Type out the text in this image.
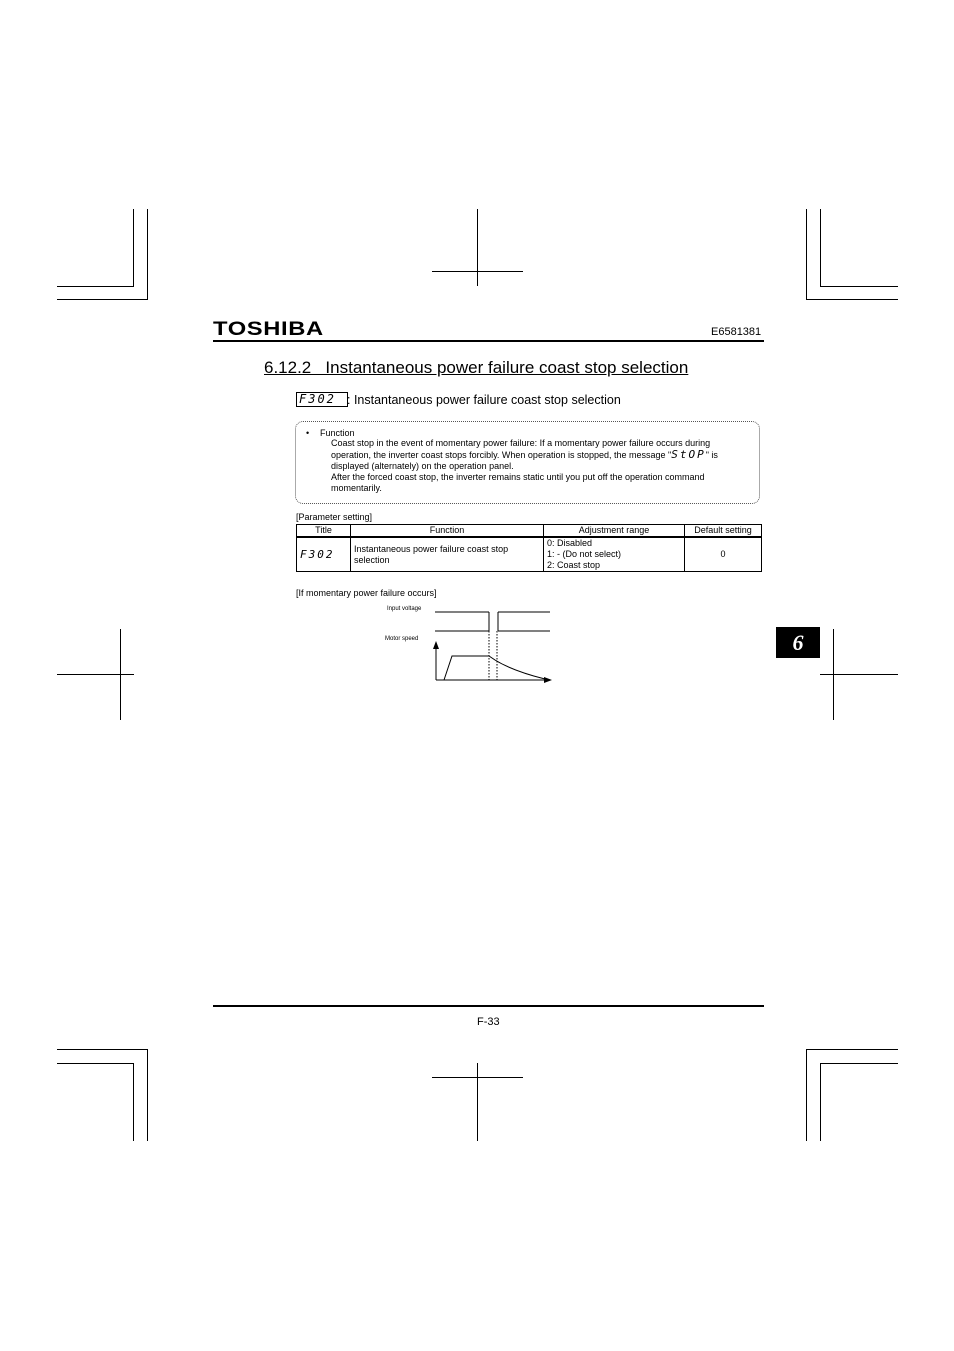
TOSHIBA	E6581381
6.12.2   Instantaneous power failure coast stop selection
F302 : Instantaneous power failure coast stop selection
• Function
Coast stop in the event of momentary power failure: If a momentary power failure occurs during
operation, the inverter coast stops forcibly. When operation is stopped, the message "StOP" is
displayed (alternately) on the operation panel.
After the forced coast stop, the inverter remains static until you put off the operation command
momentarily.
[Parameter setting]
Title	Function	Adjustment range	Default setting
F302	Instantaneous power failure coast stop selection	0: Disabled
1: - (Do not select)
2: Coast stop	0
[If momentary power failure occurs]
Input voltage
Motor speed	6
F-33
